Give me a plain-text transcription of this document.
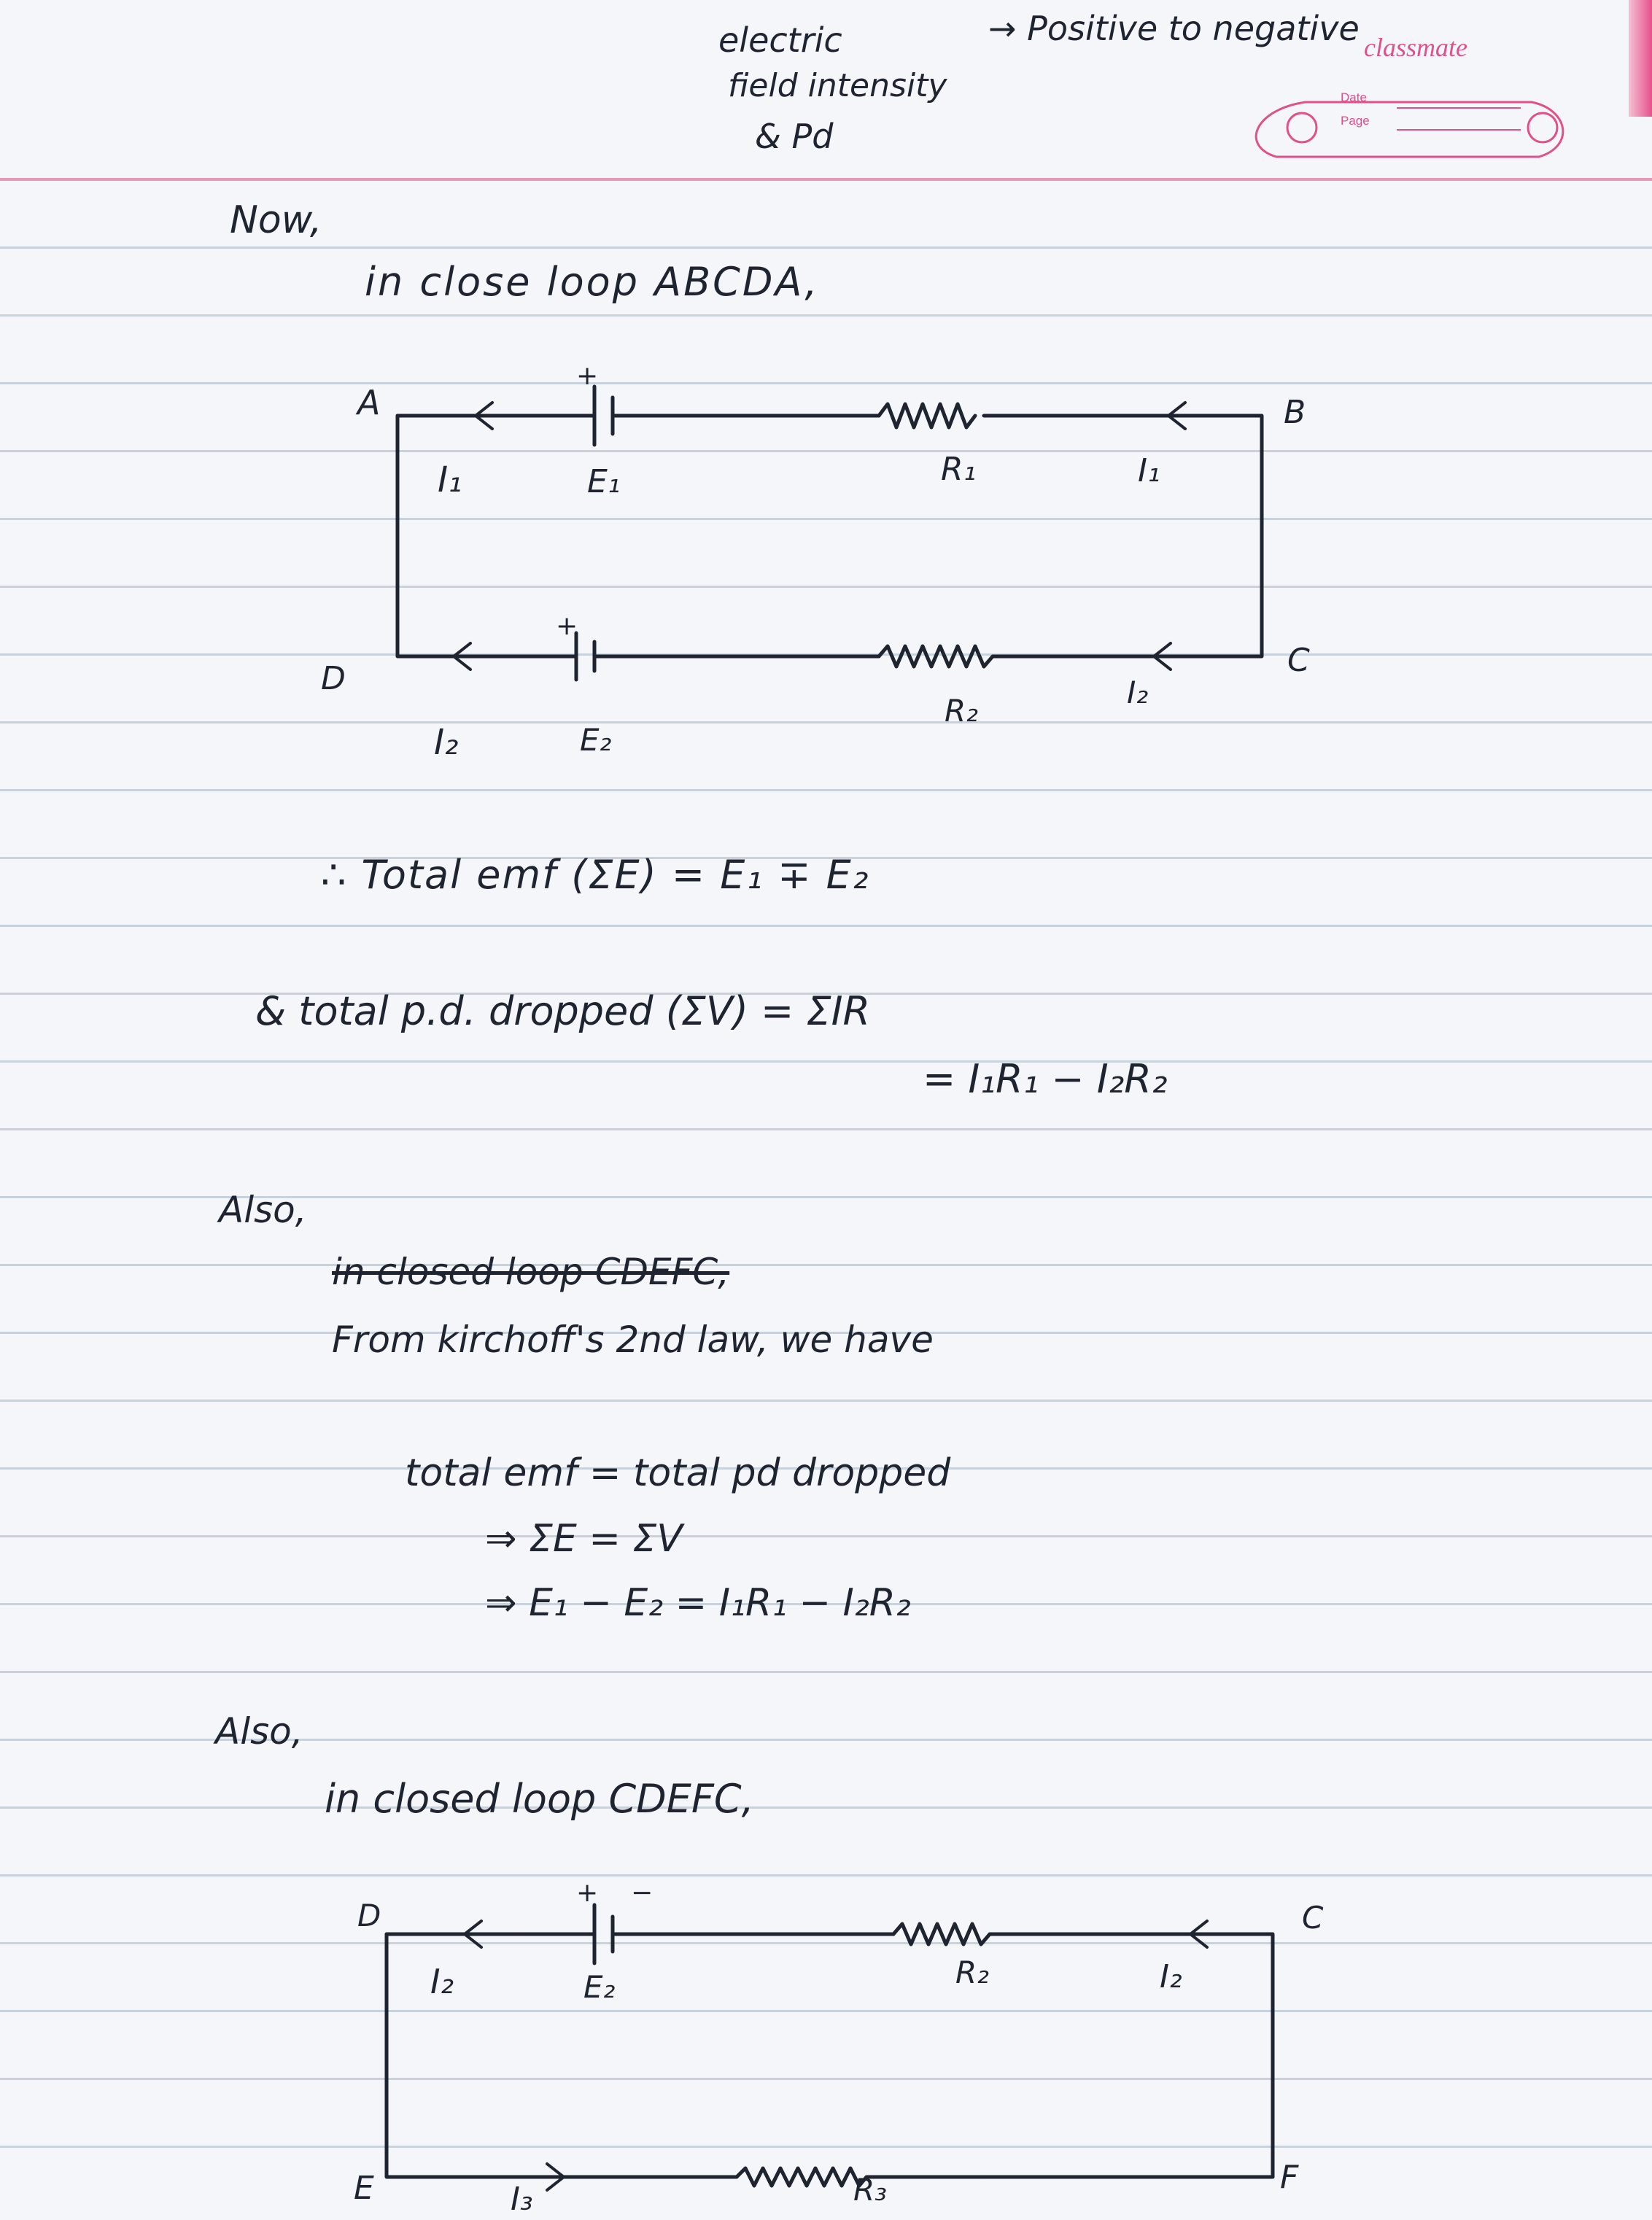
electric
field intensity
& Pd
→ Positive to negative classmate
Date
Page
Now,
in close loop ABCDA,
A	B
C
D
+
I₁	E₁	R₁	I₁
+
I₂	E₂
R₂
I₂
∴ Total emf (ΣE) = E₁ ∓ E₂
& total p.d. dropped (ΣV) = ΣIR
= I₁R₁ − I₂R₂
Also,
in closed loop CDEFC,
From kirchoff's 2nd law, we have
total emf = total pd dropped
⇒ ΣE = ΣV
⇒ E₁ − E₂ = I₁R₁ − I₂R₂
Also,
in closed loop CDEFC,
D	C
E	F
+ −
I₂	E₂	R₂	I₂
I₃	R₃
